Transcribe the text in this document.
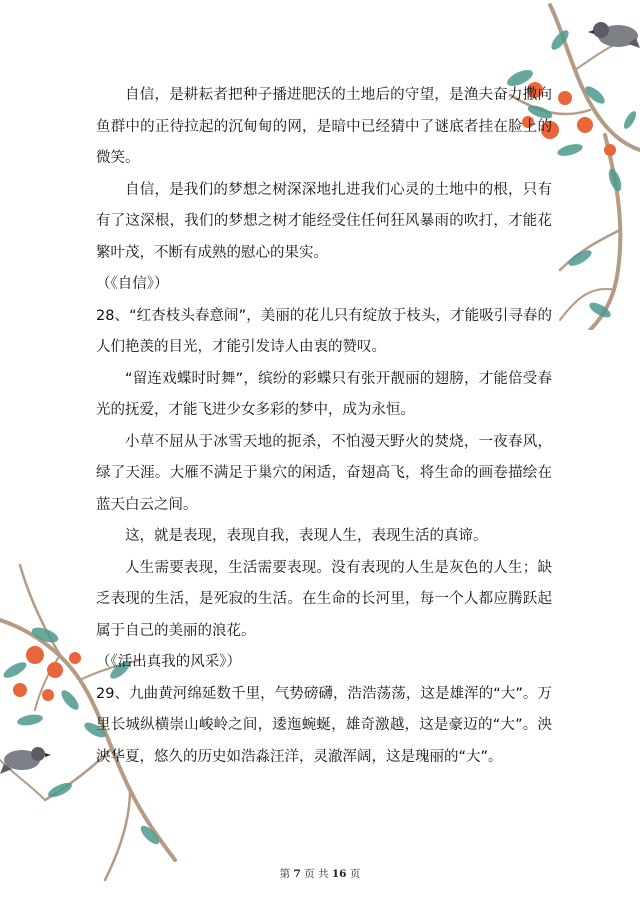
自信，是耕耘者把种子播进肥沃的土地后的守望，是渔夫奋力撒向鱼群中的正待拉起的沉甸甸的网，是暗中已经猜中了谜底者挂在脸上的微笑。

自信，是我们的梦想之树深深地扎进我们心灵的土地中的根，只有有了这深根，我们的梦想之树才能经受住任何狂风暴雨的吹打，才能花繁叶茂，不断有成熟的慰心的果实。

（《自信》）

28、“红杏枝头春意闹”，美丽的花儿只有绽放于枝头，才能吸引寻春的人们艳羡的目光，才能引发诗人由衷的赞叹。

“留连戏蝶时时舞”，缤纷的彩蝶只有张开靓丽的翅膀，才能倍受春光的抚爱，才能飞进少女多彩的梦中，成为永恒。

小草不屈从于冰雪天地的扼杀，不怕漫天野火的焚烧，一夜春风，绿了天涯。大雁不满足于巢穴的闲适，奋翅高飞，将生命的画卷描绘在蓝天白云之间。

这，就是表现，表现自我，表现人生，表现生活的真谛。

人生需要表现，生活需要表现。没有表现的人生是灰色的人生；缺乏表现的生活，是死寂的生活。在生命的长河里，每一个人都应腾跃起属于自己的美丽的浪花。

（《活出真我的风采》）

29、九曲黄河绵延数千里，气势磅礴，浩浩荡荡，这是雄浑的“大”。万里长城纵横崇山峻岭之间，逶迤蜿蜒，雄奇激越，这是豪迈的“大”。泱泱华夏，悠久的历史如浩淼汪洋，灵澈浑阔，这是瑰丽的“大”。

第 7 页 共 16 页
